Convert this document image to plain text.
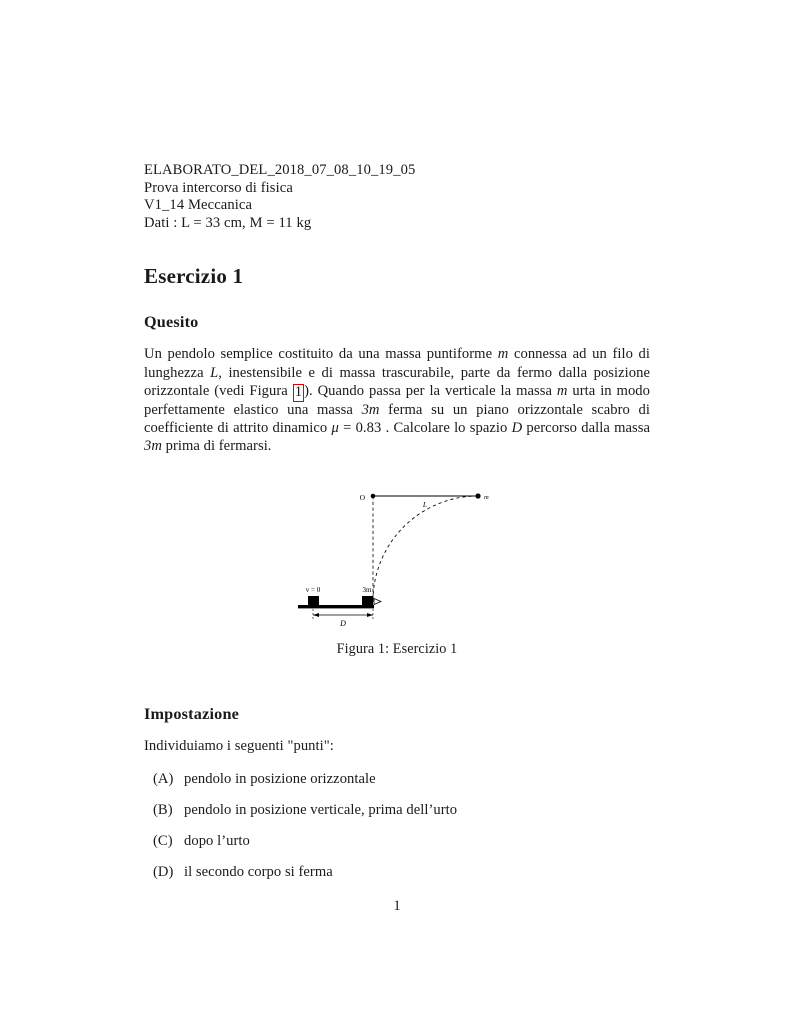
ELABORATO_DEL_2018_07_08_10_19_05
Prova intercorso di fisica
V1_14 Meccanica
Dati : L = 33 cm, M = 11 kg
Esercizio 1
Quesito

Un pendolo semplice costituito da una massa puntiforme m connessa ad un filo di lunghezza L, inestensibile e di massa trascurabile, parte da fermo dalla posizione orizzontale (vedi Figura 1 ). Quando passa per la verticale la massa m urta in modo perfettamente elastico una massa 3m ferma su un piano orizzontale scabro di coefficiente di attrito dinamico μ = 0.83 . Calcolare lo spazio D percorso dalla massa 3m prima di fermarsi.

O	m
L
v = 0	3m
D
Figura 1: Esercizio 1
Impostazione

Individuiamo i seguenti "punti":

(A) pendolo in posizione orizzontale
(B) pendolo in posizione verticale, prima dell’urto
(C) dopo l’urto
(D) il secondo corpo si ferma
1
